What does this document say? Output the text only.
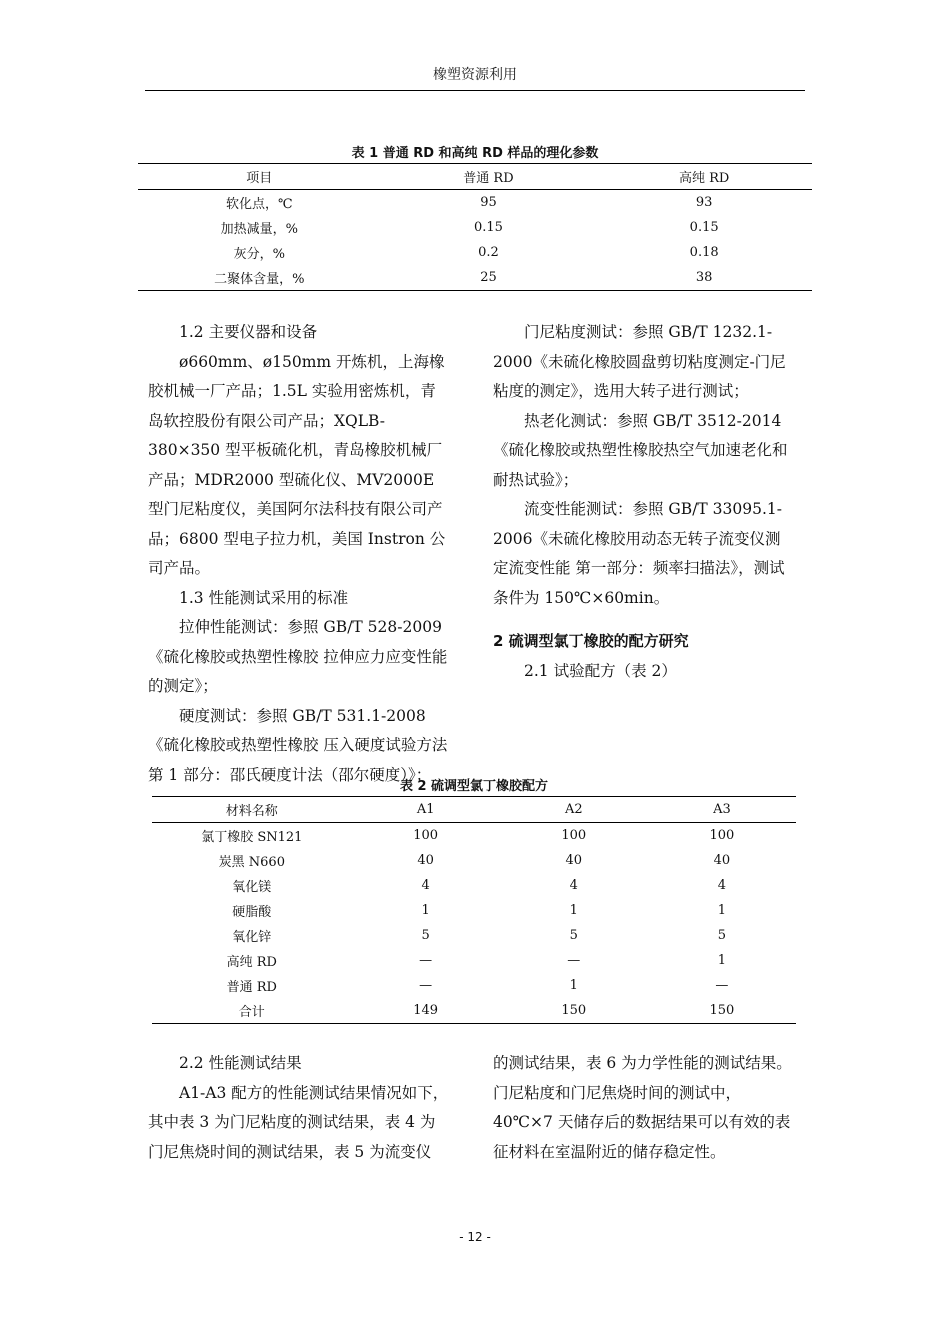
橡塑资源利用
表 1 普通 RD 和高纯 RD 样品的理化参数
项目	普通 RD	高纯 RD
软化点，℃	95	93
加热减量，%	0.15	0.15
灰分，%	0.2	0.18
二聚体含量，%	25	38

1.2 主要仪器和设备

ø660mm、ø150mm 开炼机，上海橡胶机械一厂产品；1.5L 实验用密炼机，青岛软控股份有限公司产品；XQLB-380×350 型平板硫化机，青岛橡胶机械厂产品；MDR2000 型硫化仪、MV2000E 型门尼粘度仪，美国阿尔法科技有限公司产品；6800 型电子拉力机，美国 Instron 公司产品。

1.3 性能测试采用的标准

拉伸性能测试：参照 GB/T 528-2009《硫化橡胶或热塑性橡胶 拉伸应力应变性能的测定》；

硬度测试：参照 GB/T 531.1-2008《硫化橡胶或热塑性橡胶 压入硬度试验方法 第 1 部分：邵氏硬度计法（邵尔硬度）》；

门尼粘度测试：参照 GB/T 1232.1-2000《未硫化橡胶圆盘剪切粘度测定-门尼粘度的测定》，选用大转子进行测试；

热老化测试：参照 GB/T 3512-2014《硫化橡胶或热塑性橡胶热空气加速老化和耐热试验》；

流变性能测试：参照 GB/T 33095.1-2006《未硫化橡胶用动态无转子流变仪测定流变性能 第一部分：频率扫描法》，测试条件为 150℃×60min。

2 硫调型氯丁橡胶的配方研究

2.1 试验配方（表 2）

表 2 硫调型氯丁橡胶配方
材料名称	A1	A2	A3
氯丁橡胶 SN121	100	100	100
炭黑 N660	40	40	40
氧化镁	4	4	4
硬脂酸	1	1	1
氧化锌	5	5	5
高纯 RD	—	—	1
普通 RD	—	1	—
合计	149	150	150

2.2 性能测试结果

A1-A3 配方的性能测试结果情况如下，其中表 3 为门尼粘度的测试结果，表 4 为门尼焦烧时间的测试结果，表 5 为流变仪

的测试结果，表 6 为力学性能的测试结果。门尼粘度和门尼焦烧时间的测试中，40℃×7 天储存后的数据结果可以有效的表征材料在室温附近的储存稳定性。

- 12 -
